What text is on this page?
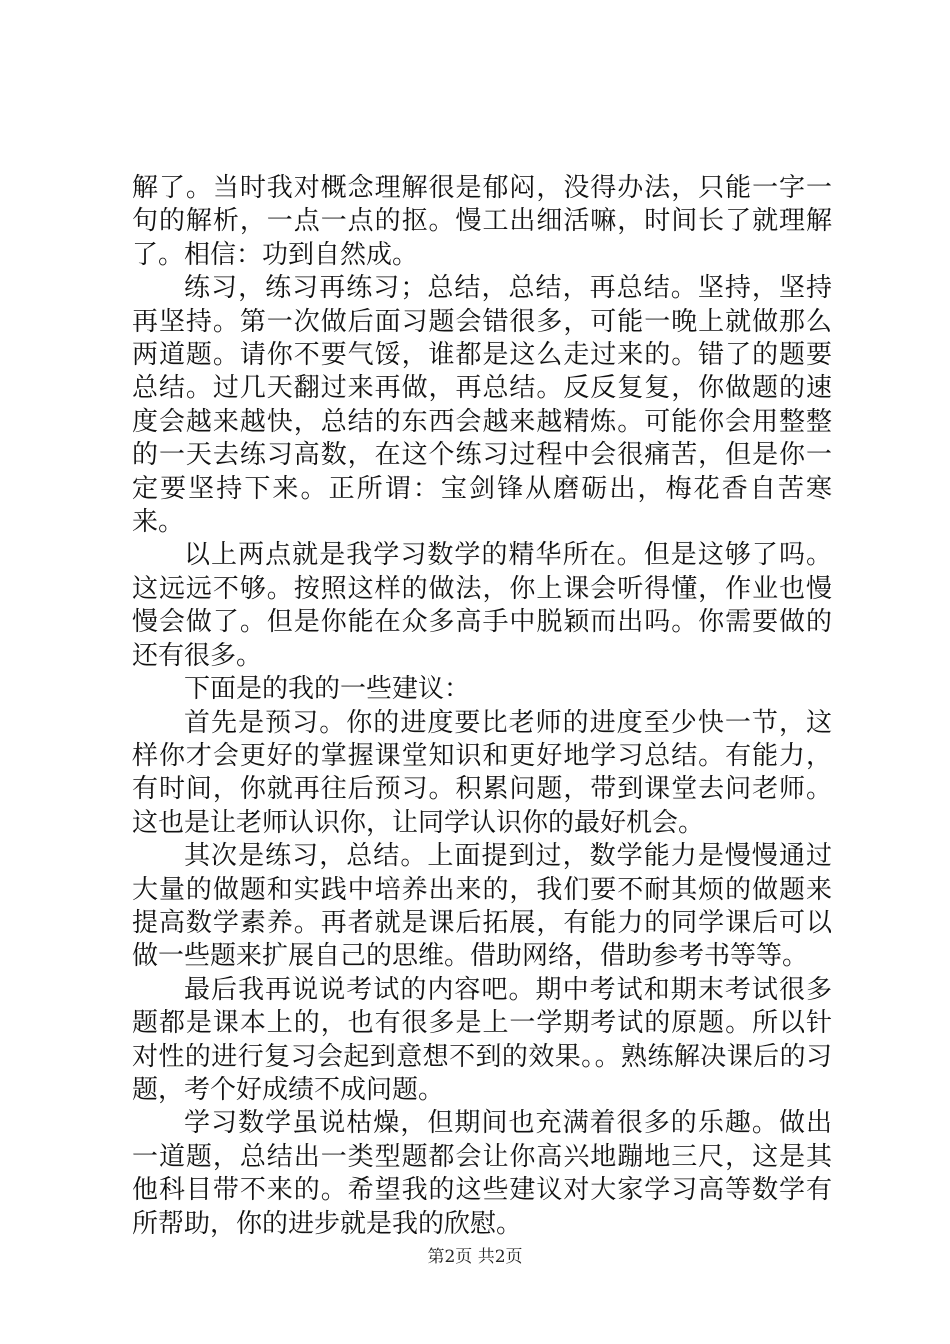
解了。当时我对概念理解很是郁闷，没得办法，只能一字一句的解析，一点一点的抠。慢工出细活嘛，时间长了就理解了。相信：功到自然成。

练习，练习再练习；总结，总结，再总结。坚持，坚持再坚持。第一次做后面习题会错很多，可能一晚上就做那么两道题。请你不要气馁，谁都是这么走过来的。错了的题要总结。过几天翻过来再做，再总结。反反复复，你做题的速度会越来越快，总结的东西会越来越精炼。可能你会用整整的一天去练习高数，在这个练习过程中会很痛苦，但是你一定要坚持下来。正所谓：宝剑锋从磨砺出，梅花香自苦寒来。

以上两点就是我学习数学的精华所在。但是这够了吗。这远远不够。按照这样的做法，你上课会听得懂，作业也慢慢会做了。但是你能在众多高手中脱颖而出吗。你需要做的还有很多。

下面是的我的一些建议：

首先是预习。你的进度要比老师的进度至少快一节，这样你才会更好的掌握课堂知识和更好地学习总结。有能力，有时间，你就再往后预习。积累问题，带到课堂去问老师。这也是让老师认识你，让同学认识你的最好机会。

其次是练习，总结。上面提到过，数学能力是慢慢通过大量的做题和实践中培养出来的，我们要不耐其烦的做题来提高数学素养。再者就是课后拓展，有能力的同学课后可以做一些题来扩展自己的思维。借助网络，借助参考书等等。

最后我再说说考试的内容吧。期中考试和期末考试很多题都是课本上的，也有很多是上一学期考试的原题。所以针对性的进行复习会起到意想不到的效果。。熟练解决课后的习题，考个好成绩不成问题。

学习数学虽说枯燥，但期间也充满着很多的乐趣。做出一道题，总结出一类型题都会让你高兴地蹦地三尺，这是其他科目带不来的。希望我的这些建议对大家学习高等数学有所帮助，你的进步就是我的欣慰。

第2页 共2页
